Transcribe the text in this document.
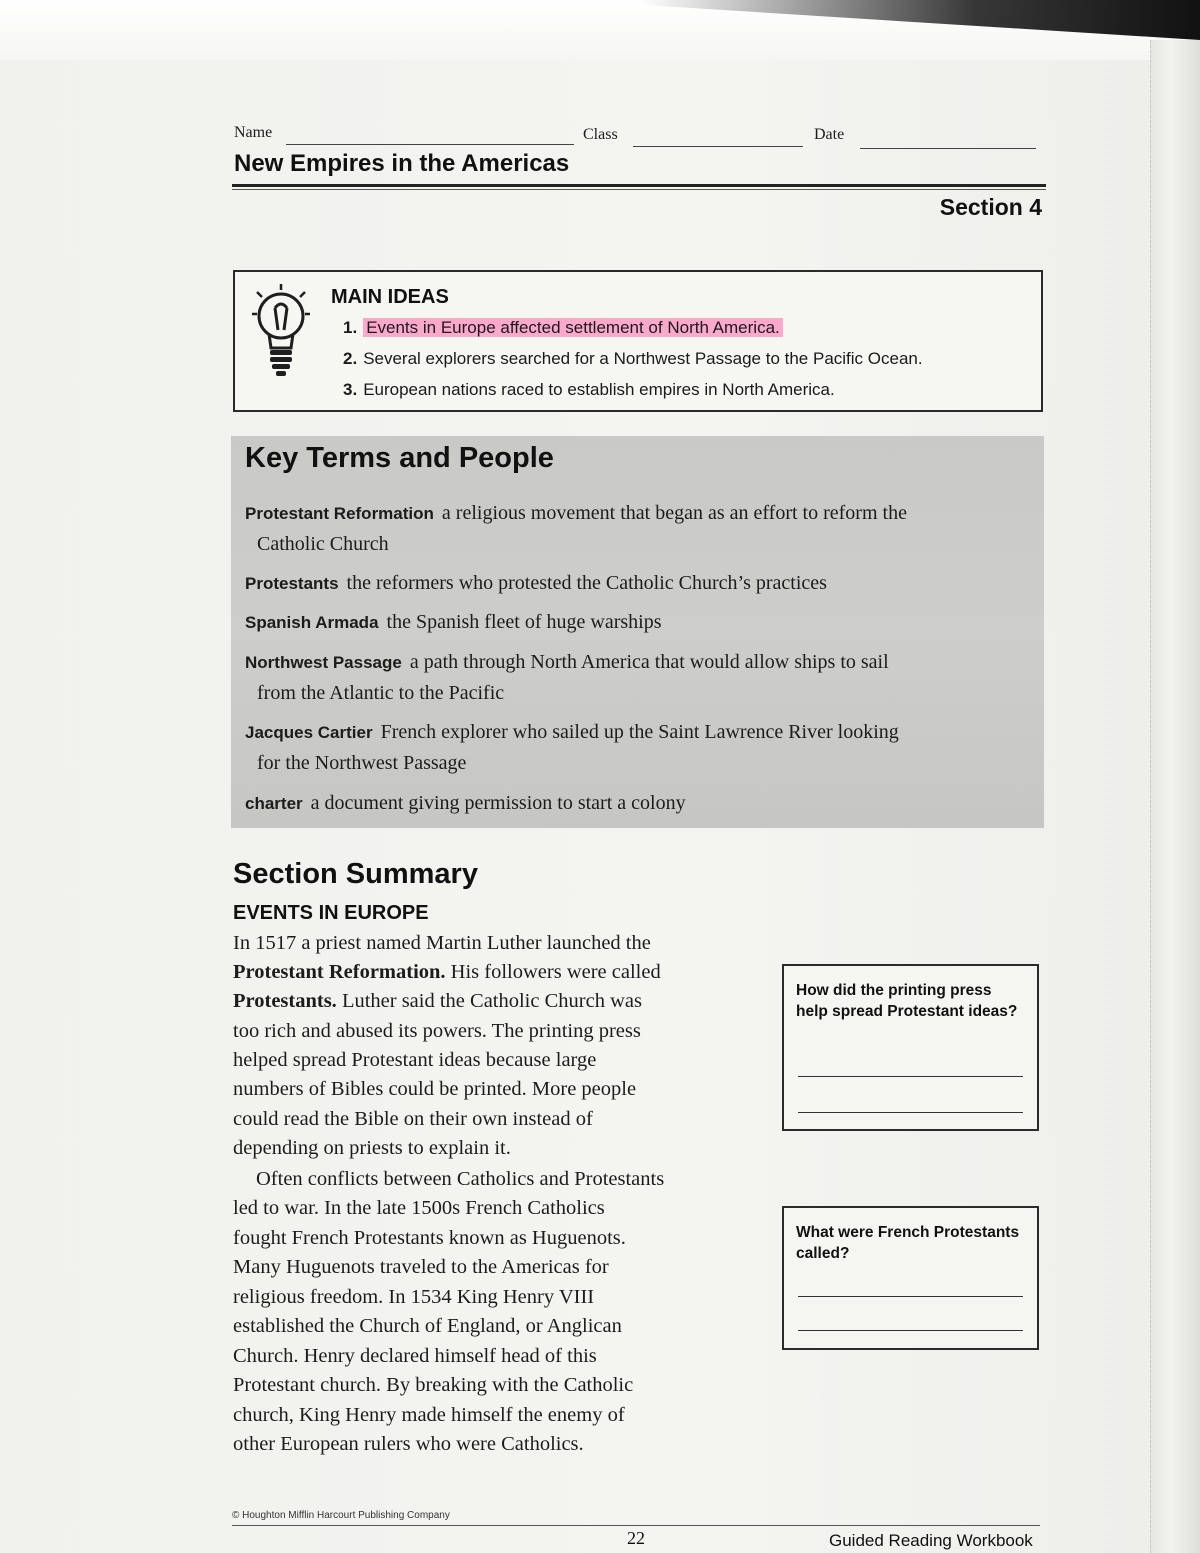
Name	Class	Date
New Empires in the Americas
Section 4
MAIN IDEAS
1. Events in Europe affected settlement of North America.
2. Several explorers searched for a Northwest Passage to the Pacific Ocean.
3. European nations raced to establish empires in North America.
Key Terms and People
Protestant Reformation a religious movement that began as an effort to reform the
Catholic Church
Protestants the reformers who protested the Catholic Church’s practices
Spanish Armada the Spanish fleet of huge warships
Northwest Passage a path through North America that would allow ships to sail
from the Atlantic to the Pacific
Jacques Cartier French explorer who sailed up the Saint Lawrence River looking
for the Northwest Passage
charter a document giving permission to start a colony
Section Summary
EVENTS IN EUROPE
In 1517 a priest named Martin Luther launched the
Protestant Reformation. His followers were called
Protestants. Luther said the Catholic Church was
too rich and abused its powers. The printing press
helped spread Protestant ideas because large
numbers of Bibles could be printed. More people
could read the Bible on their own instead of
depending on priests to explain it.
Often conflicts between Catholics and Protestants
led to war. In the late 1500s French Catholics
fought French Protestants known as Huguenots.
Many Huguenots traveled to the Americas for
religious freedom. In 1534 King Henry VIII
established the Church of England, or Anglican
Church. Henry declared himself head of this
Protestant church. By breaking with the Catholic
church, King Henry made himself the enemy of
other European rulers who were Catholics.
How did the printing press help spread Protestant ideas?
What were French Protestants called?
© Houghton Mifflin Harcourt Publishing Company
22	Guided Reading Workbook
